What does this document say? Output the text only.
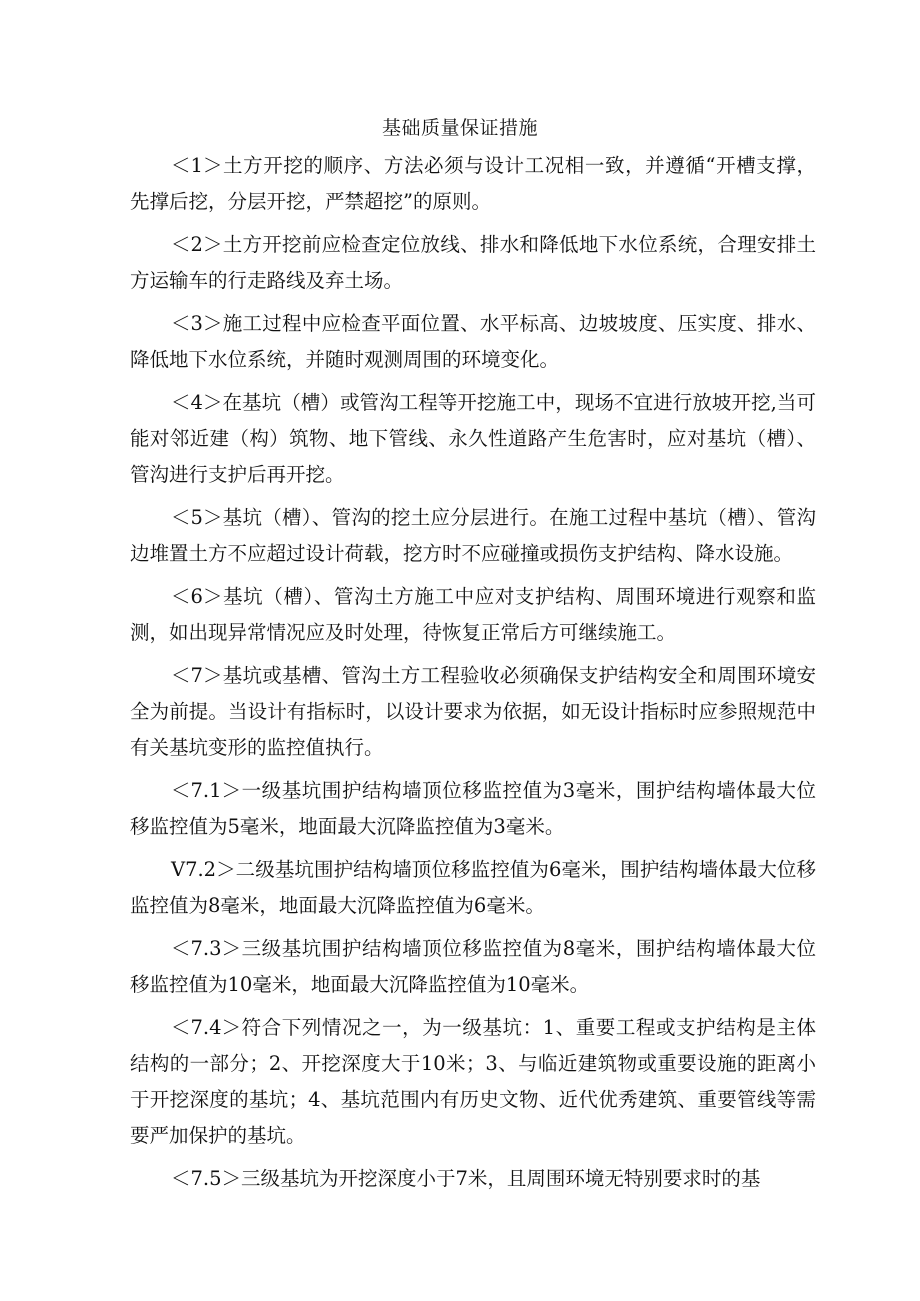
基础质量保证措施

＜1＞土方开挖的顺序、方法必须与设计工况相一致，并遵循“开槽支撑，先撑后挖，分层开挖，严禁超挖”的原则。

＜2＞土方开挖前应检查定位放线、排水和降低地下水位系统，合理安排土方运输车的行走路线及弃土场。

＜3＞施工过程中应检查平面位置、水平标高、边坡坡度、压实度、排水、降低地下水位系统，并随时观测周围的环境变化。

＜4＞在基坑（槽）或管沟工程等开挖施工中，现场不宜进行放坡开挖,当可能对邻近建（构）筑物、地下管线、永久性道路产生危害时，应对基坑（槽）、管沟进行支护后再开挖。

＜5＞基坑（槽）、管沟的挖土应分层进行。在施工过程中基坑（槽）、管沟边堆置土方不应超过设计荷载，挖方时不应碰撞或损伤支护结构、降水设施。

＜6＞基坑（槽）、管沟土方施工中应对支护结构、周围环境进行观察和监测，如出现异常情况应及时处理，待恢复正常后方可继续施工。

＜7＞基坑或基槽、管沟土方工程验收必须确保支护结构安全和周围环境安全为前提。当设计有指标时，以设计要求为依据，如无设计指标时应参照规范中有关基坑变形的监控值执行。

＜7.1＞一级基坑围护结构墙顶位移监控值为3毫米，围护结构墙体最大位移监控值为5毫米，地面最大沉降监控值为3毫米。

V7.2＞二级基坑围护结构墙顶位移监控值为6毫米，围护结构墙体最大位移监控值为8毫米，地面最大沉降监控值为6毫米。

＜7.3＞三级基坑围护结构墙顶位移监控值为8毫米，围护结构墙体最大位移监控值为10毫米，地面最大沉降监控值为10毫米。

＜7.4＞符合下列情况之一，为一级基坑：1、重要工程或支护结构是主体结构的一部分；2、开挖深度大于10米；3、与临近建筑物或重要设施的距离小于开挖深度的基坑；4、基坑范围内有历史文物、近代优秀建筑、重要管线等需要严加保护的基坑。

＜7.5＞三级基坑为开挖深度小于7米，且周围环境无特别要求时的基
